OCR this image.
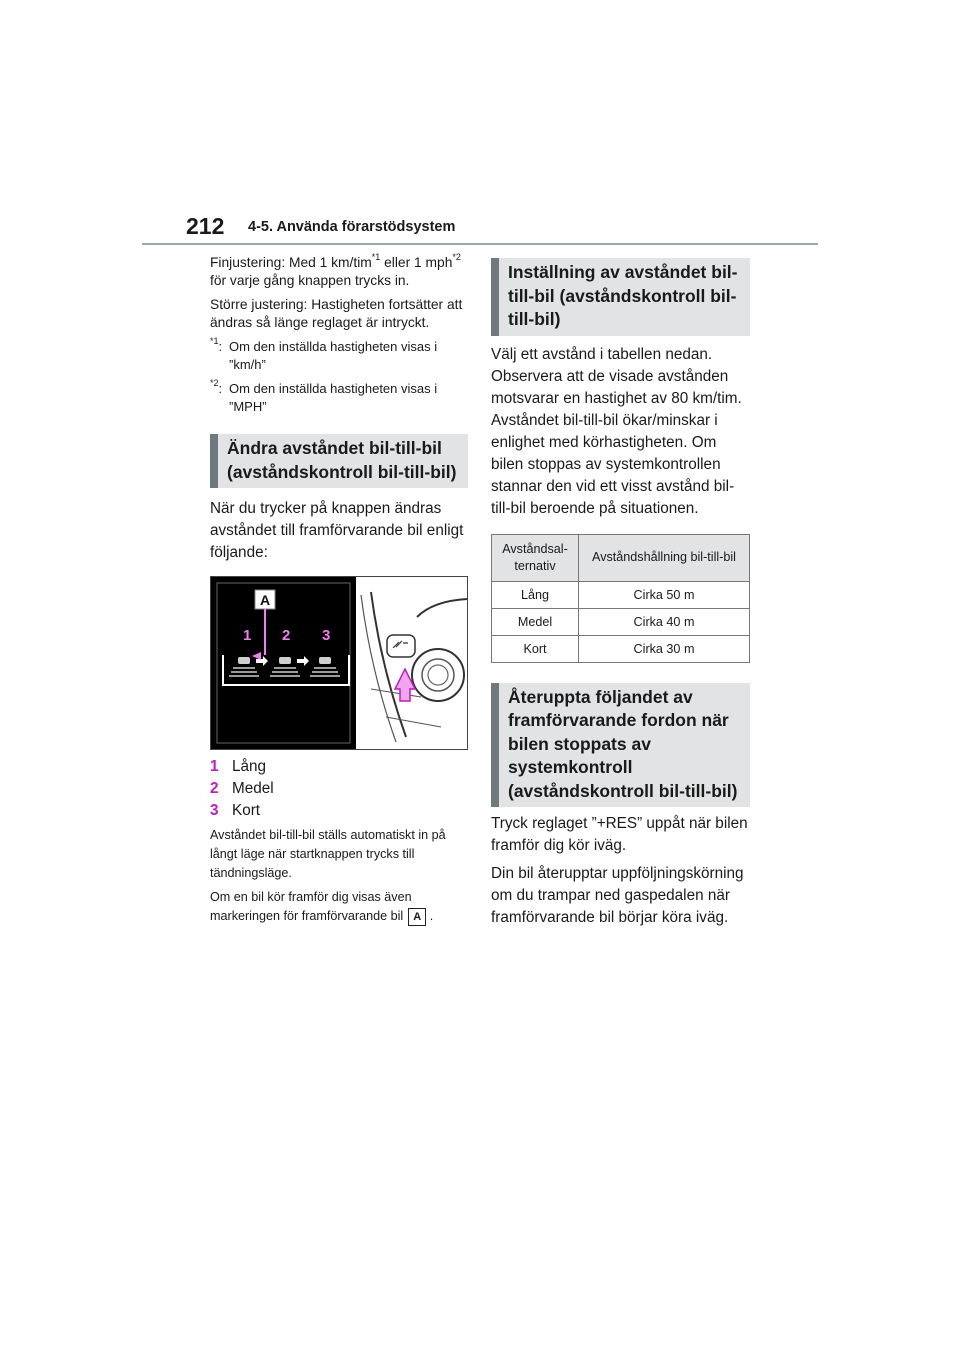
212 4-5. Använda förarstödsystem

Finjustering: Med 1 km/tim$^{*1}$ eller 1 mph$^{*2}$ för varje gång knappen trycks in.

Större justering: Hastigheten fortsätter att ändras så länge reglaget är intryckt.

$^{*1}$: Om den inställda hastigheten visas i ”km/h”
$^{*2}$: Om den inställda hastigheten visas i ”MPH”
Ändra avståndet bil-till-bil (avståndskontroll bil-till-bil)

När du trycker på knappen ändras avståndet till framförvarande bil enligt följande:

A
1 2 3
1 Lång
2 Medel
3 Kort

Avståndet bil-till-bil ställs automatiskt in på långt läge när startknappen trycks till tändningsläge.

Om en bil kör framför dig visas även markeringen för framförvarande bil A .

Inställning av avståndet bil-till-bil (avståndskontroll bil-till-bil)

Välj ett avstånd i tabellen nedan. Observera att de visade avstånden motsvarar en hastighet av 80 km/tim. Avståndet bil-till-bil ökar/minskar i enlighet med körhastigheten. Om bilen stoppas av systemkontrollen stannar den vid ett visst avstånd bil-till-bil beroende på situationen.

Avståndsal-ternativ	Avståndshållning bil-till-bil
Lång	Cirka 50 m
Medel	Cirka 40 m
Kort	Cirka 30 m
Återuppta följandet av framförvarande fordon när bilen stoppats av systemkontroll (avståndskontroll bil-till-bil)

Tryck reglaget ”+RES” uppåt när bilen framför dig kör iväg.

Din bil återupptar uppföljningskörning om du trampar ned gaspedalen när framförvarande bil börjar köra iväg.
